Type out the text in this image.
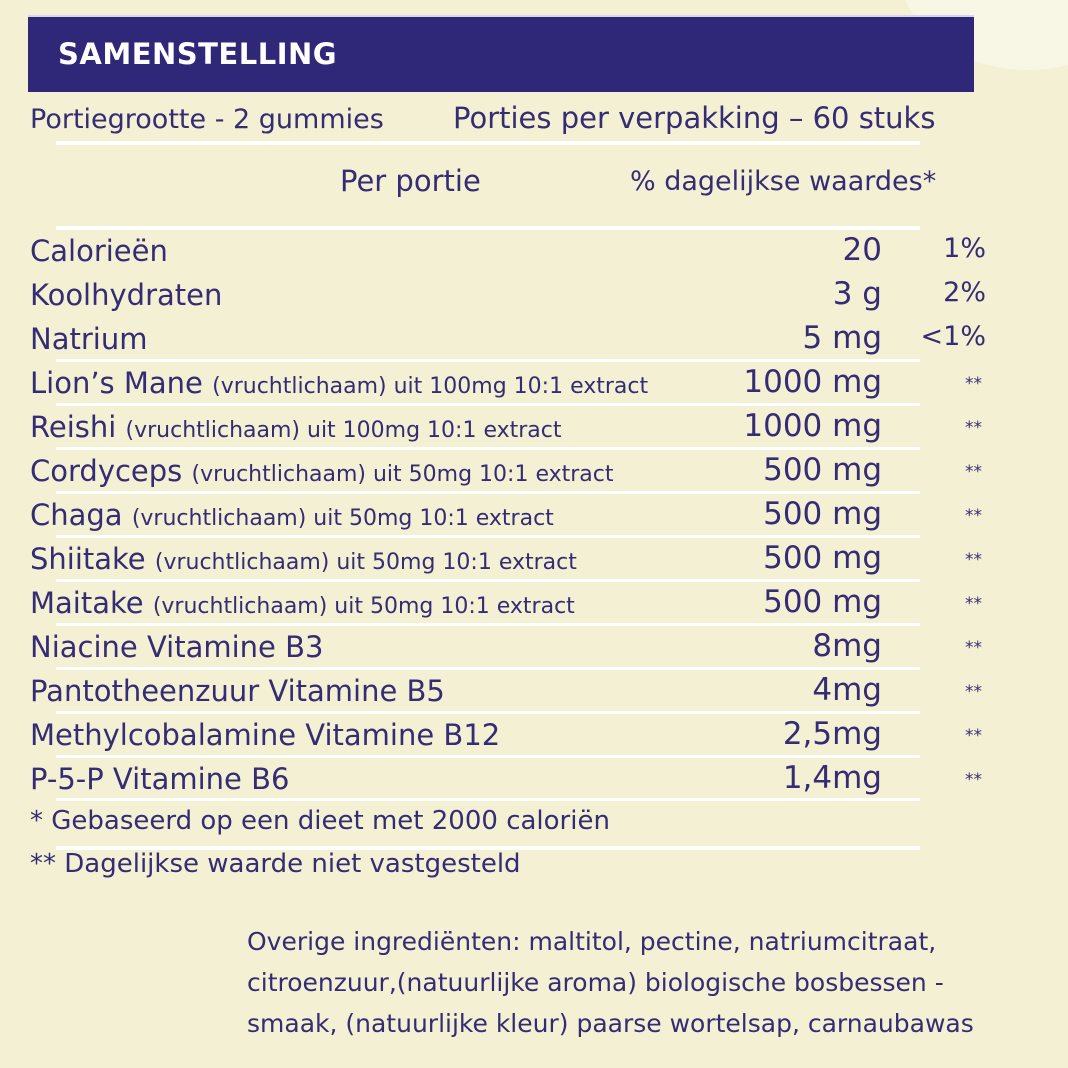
SAMENSTELLING
Portiegrootte - 2 gummies Porties per verpakking – 60 stuks
Per portie	% dagelijkse waardes*
Calorieën	20 1%
Koolhydraten	3 g 2%
Natrium	5 mg <1%
Lion’s Mane (vruchtlichaam) uit 100mg 10:1 extract	1000 mg	**
Reishi (vruchtlichaam) uit 100mg 10:1 extract	1000 mg	**
Cordyceps (vruchtlichaam) uit 50mg 10:1 extract	500 mg	**
Chaga (vruchtlichaam) uit 50mg 10:1 extract	500 mg	**
Shiitake (vruchtlichaam) uit 50mg 10:1 extract	500 mg	**
Maitake (vruchtlichaam) uit 50mg 10:1 extract	500 mg	**
Niacine Vitamine B3	8mg	**
Pantotheenzuur Vitamine B5	4mg	**
Methylcobalamine Vitamine B12	2,5mg	**
P-5-P Vitamine B6	1,4mg	**
* Gebaseerd op een dieet met 2000 caloriën
** Dagelijkse waarde niet vastgesteld
Overige ingrediënten: maltitol, pectine, natriumcitraat,
citroenzuur,(natuurlijke aroma) biologische bosbessen -
smaak, (natuurlijke kleur) paarse wortelsap, carnaubawas
